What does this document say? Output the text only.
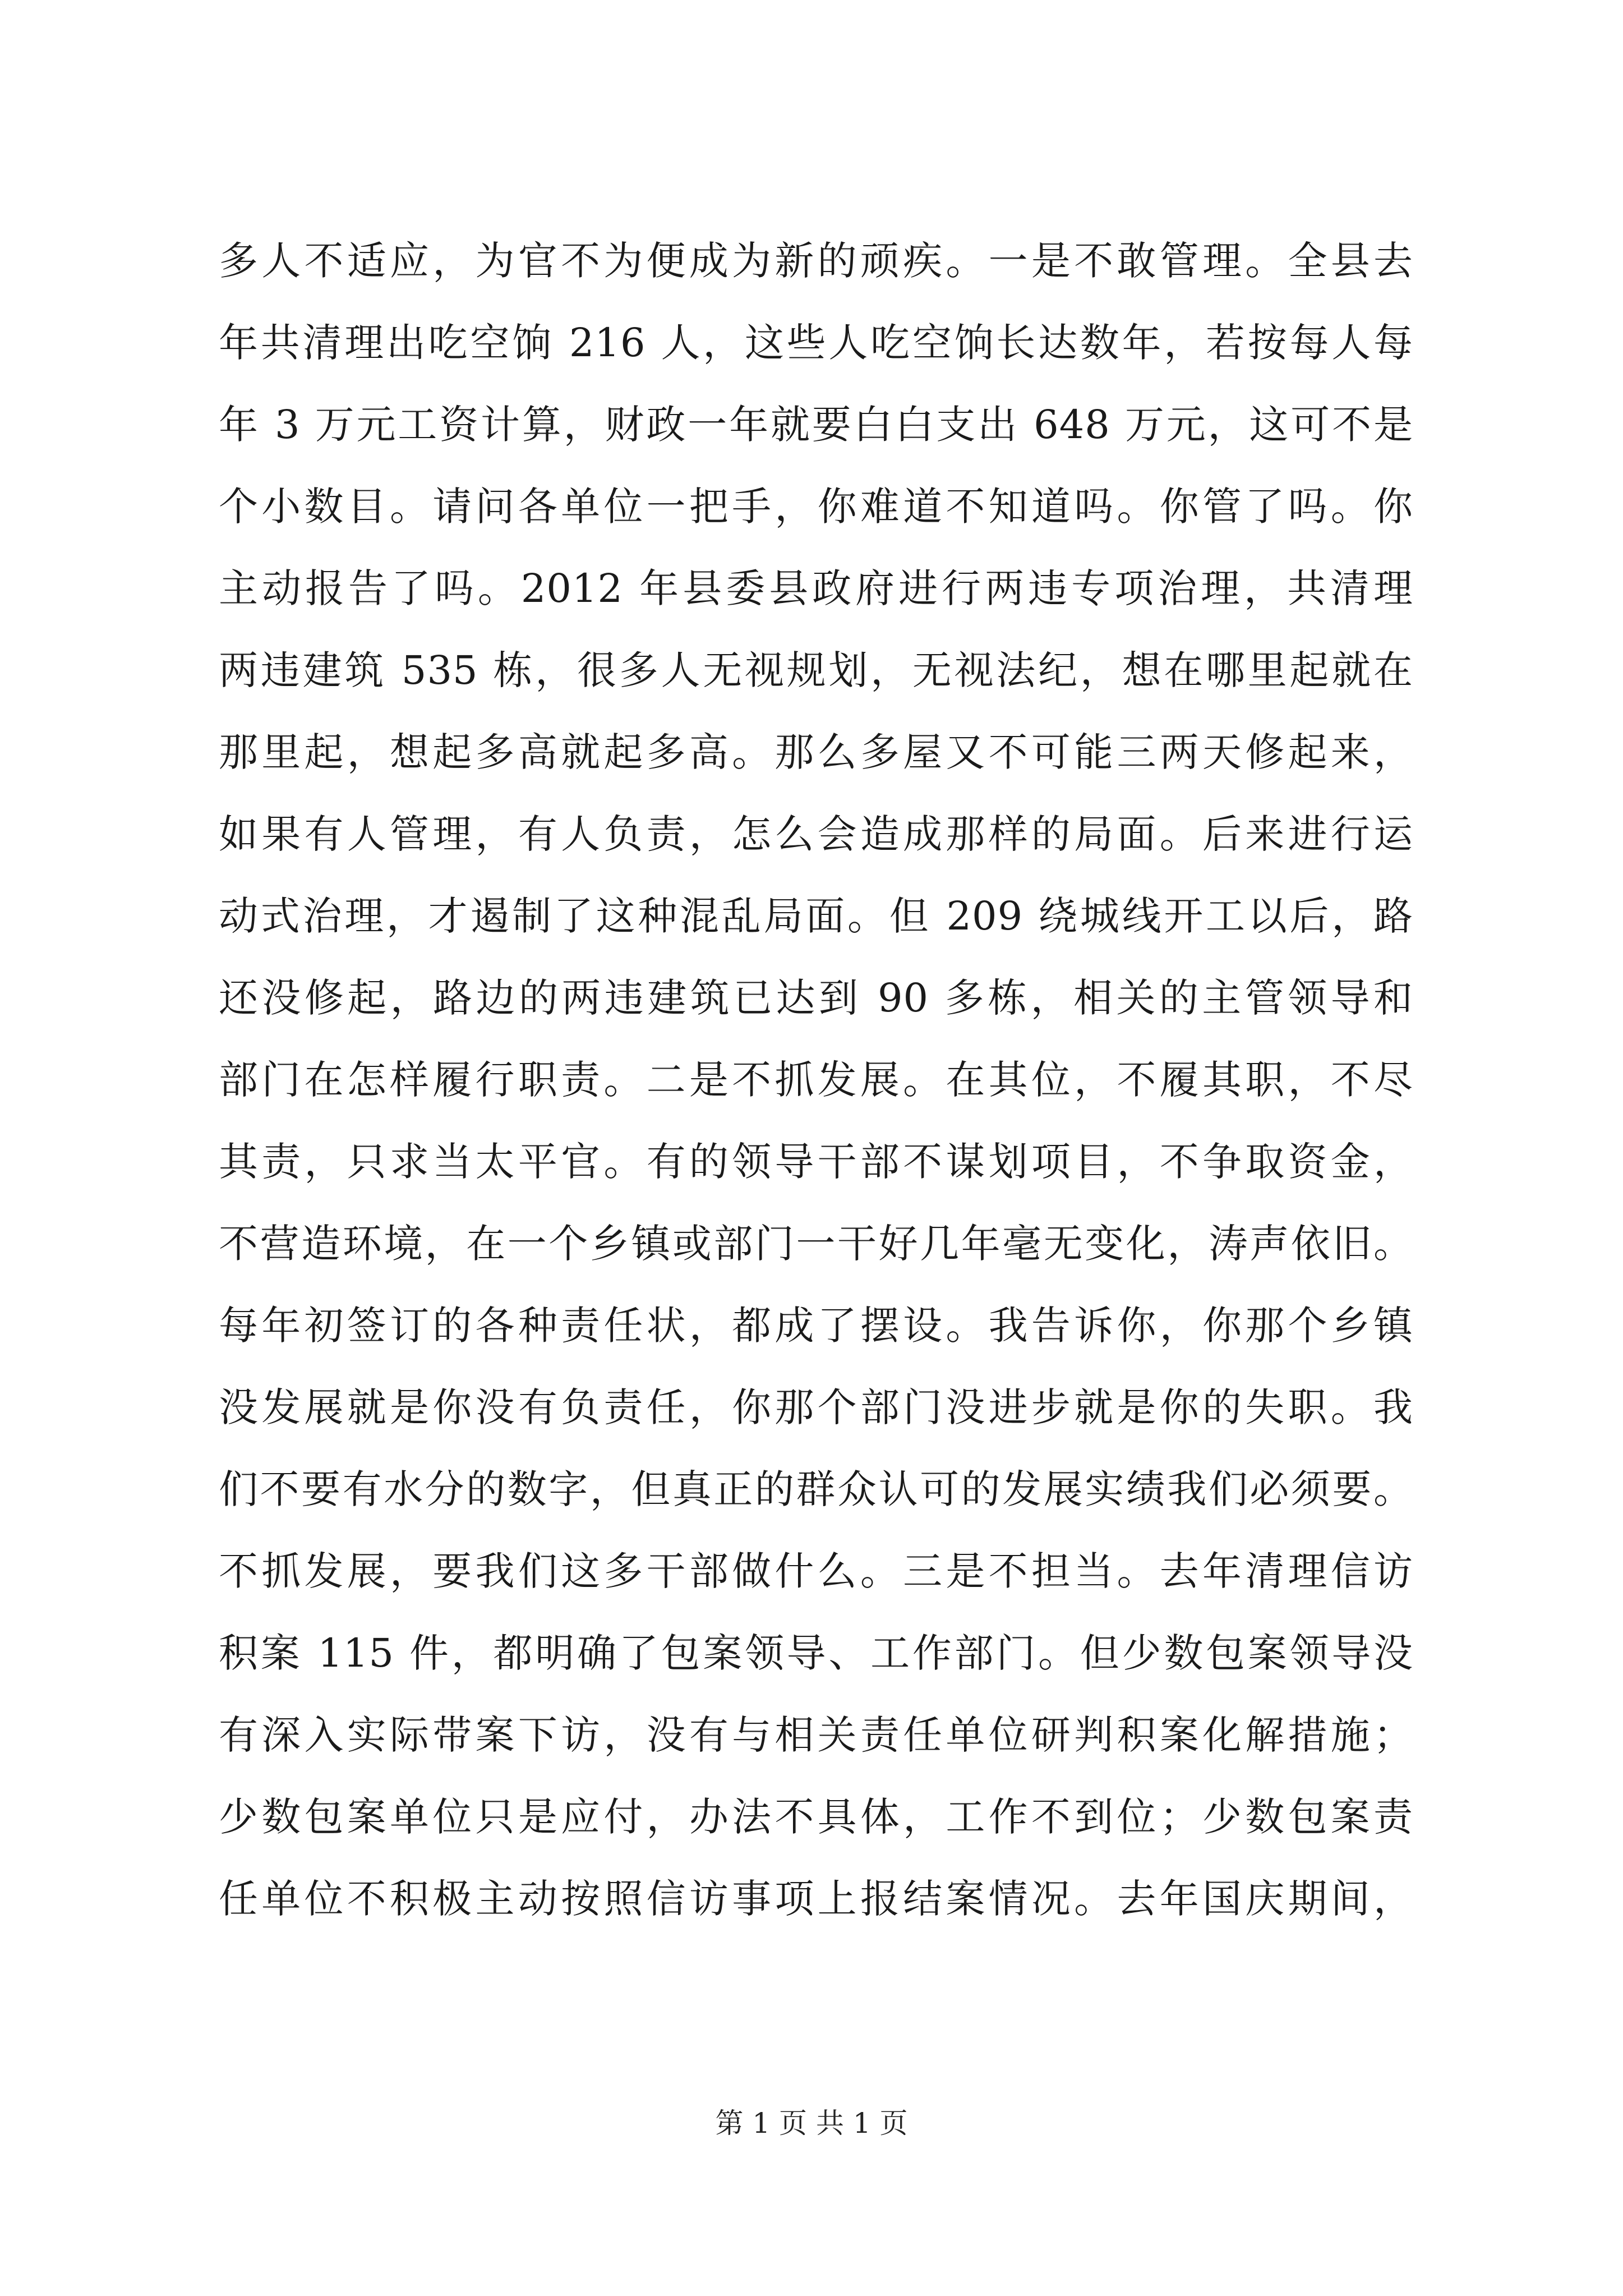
多人不适应，为官不为便成为新的顽疾。一是不敢管理。全县去
年共清理出吃空饷 216 人，这些人吃空饷长达数年，若按每人每
年 3 万元工资计算，财政一年就要白白支出 648 万元，这可不是
个小数目。请问各单位一把手，你难道不知道吗。你管了吗。你
主动报告了吗。2012 年县委县政府进行两违专项治理，共清理
两违建筑 535 栋，很多人无视规划，无视法纪，想在哪里起就在
那里起，想起多高就起多高。那么多屋又不可能三两天修起来，
如果有人管理，有人负责，怎么会造成那样的局面。后来进行运
动式治理，才遏制了这种混乱局面。但 209 绕城线开工以后，路
还没修起，路边的两违建筑已达到 90 多栋，相关的主管领导和
部门在怎样履行职责。二是不抓发展。在其位，不履其职，不尽
其责，只求当太平官。有的领导干部不谋划项目，不争取资金，
不营造环境，在一个乡镇或部门一干好几年毫无变化，涛声依旧。
每年初签订的各种责任状，都成了摆设。我告诉你，你那个乡镇
没发展就是你没有负责任，你那个部门没进步就是你的失职。我
们不要有水分的数字，但真正的群众认可的发展实绩我们必须要。
不抓发展，要我们这多干部做什么。三是不担当。去年清理信访
积案 115 件，都明确了包案领导、工作部门。但少数包案领导没
有深入实际带案下访，没有与相关责任单位研判积案化解措施；
少数包案单位只是应付，办法不具体，工作不到位；少数包案责
任单位不积极主动按照信访事项上报结案情况。去年国庆期间，
第 1 页 共 1 页
